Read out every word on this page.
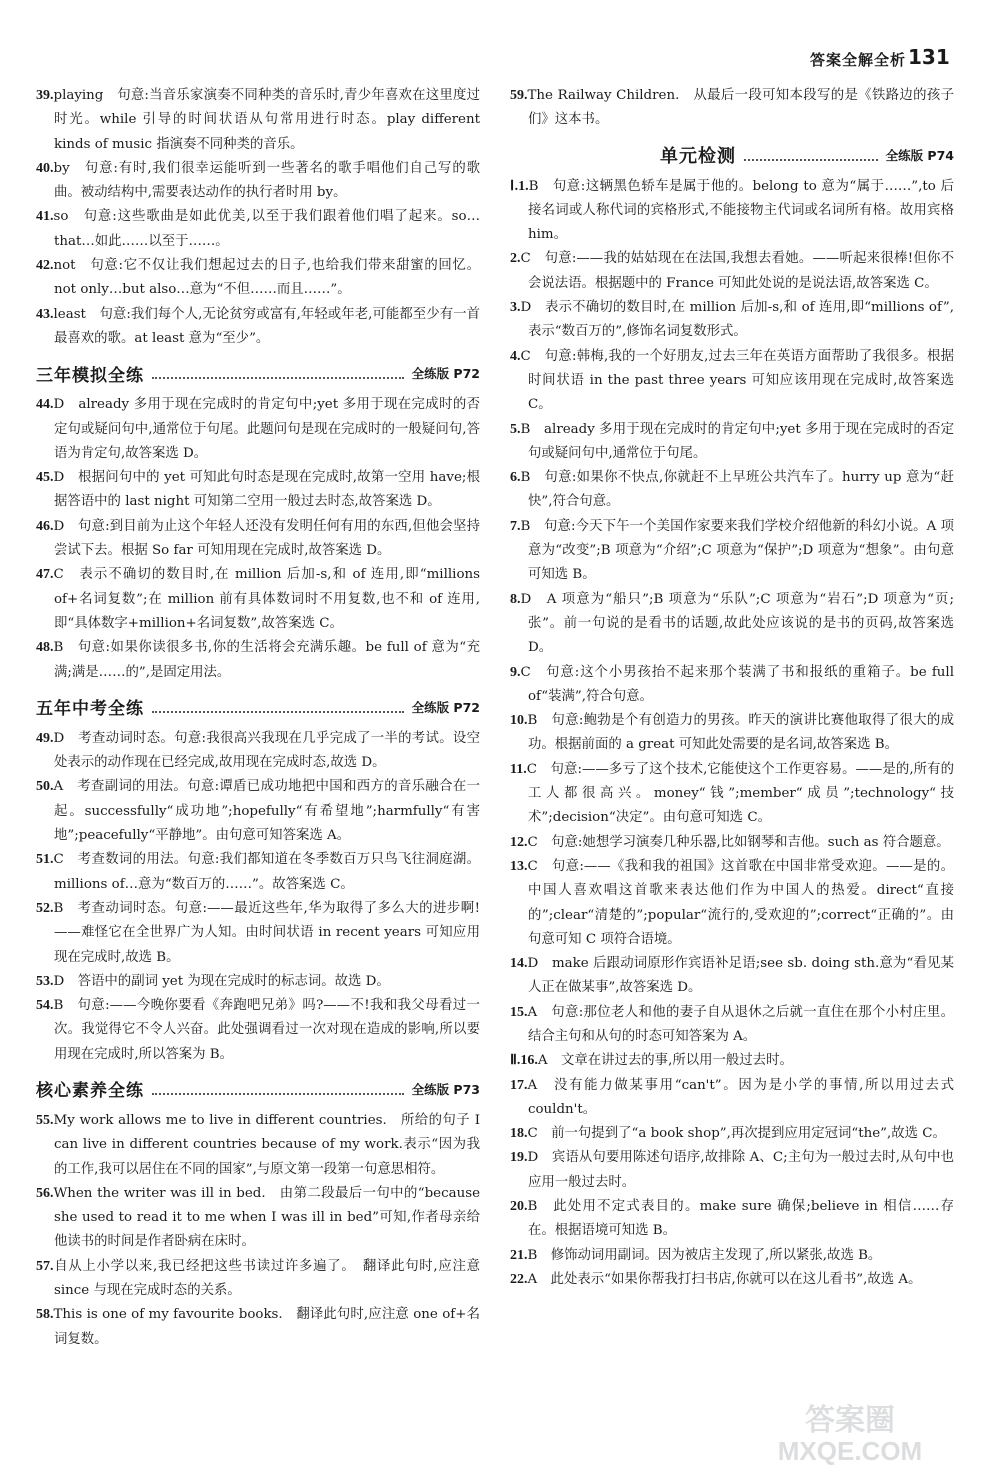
答案全解全析 131
39.playing　句意:当音乐家演奏不同种类的音乐时,青少年喜欢在这里度过时光。while 引导的时间状语从句常用进行时态。play different kinds of music 指演奏不同种类的音乐。
40.by　句意:有时,我们很幸运能听到一些著名的歌手唱他们自己写的歌曲。被动结构中,需要表达动作的执行者时用 by。
41.so　句意:这些歌曲是如此优美,以至于我们跟着他们唱了起来。so…that…如此……以至于……。
42.not　句意:它不仅让我们想起过去的日子,也给我们带来甜蜜的回忆。not only…but also…意为“不但……而且……”。
43.least　句意:我们每个人,无论贫穷或富有,年轻或年老,可能都至少有一首最喜欢的歌。at least 意为“至少”。
三年模拟全练	全练版 P72
44.D　already 多用于现在完成时的肯定句中;yet 多用于现在完成时的否定句或疑问句中,通常位于句尾。此题问句是现在完成时的一般疑问句,答语为肯定句,故答案选 D。
45.D　根据问句中的 yet 可知此句时态是现在完成时,故第一空用 have;根据答语中的 last night 可知第二空用一般过去时态,故答案选 D。
46.D　句意:到目前为止这个年轻人还没有发明任何有用的东西,但他会坚持尝试下去。根据 So far 可知用现在完成时,故答案选 D。
47.C　表示不确切的数目时,在 million 后加-s,和 of 连用,即“millions of+名词复数”;在 million 前有具体数词时不用复数,也不和 of 连用,即“具体数字+million+名词复数”,故答案选 C。
48.B　句意:如果你读很多书,你的生活将会充满乐趣。be full of 意为“充满;满是……的”,是固定用法。
五年中考全练	全练版 P72
49.D　考查动词时态。句意:我很高兴我现在几乎完成了一半的考试。设空处表示的动作现在已经完成,故用现在完成时态,故选 D。
50.A　考查副词的用法。句意:谭盾已成功地把中国和西方的音乐融合在一起。successfully“成功地”;hopefully“有希望地”;harmfully“有害地”;peacefully“平静地”。由句意可知答案选 A。
51.C　考查数词的用法。句意:我们都知道在冬季数百万只鸟飞往洞庭湖。millions of…意为“数百万的……”。故答案选 C。
52.B　考查动词时态。句意:——最近这些年,华为取得了多么大的进步啊!——难怪它在全世界广为人知。由时间状语 in recent years 可知应用现在完成时,故选 B。
53.D　答语中的副词 yet 为现在完成时的标志词。故选 D。
54.B　句意:——今晚你要看《奔跑吧兄弟》吗?——不!我和我父母看过一次。我觉得它不令人兴奋。此处强调看过一次对现在造成的影响,所以要用现在完成时,所以答案为 B。
核心素养全练	全练版 P73
55.My work allows me to live in different countries.　所给的句子 I can live in different countries because of my work.表示“因为我的工作,我可以居住在不同的国家”,与原文第一段第一句意思相符。
56.When the writer was ill in bed.　由第二段最后一句中的“because she used to read it to me when I was ill in bed”可知,作者母亲给他读书的时间是作者卧病在床时。
57.自从上小学以来,我已经把这些书读过许多遍了。　翻译此句时,应注意 since 与现在完成时态的关系。
58.This is one of my favourite books.　翻译此句时,应注意 one of+名词复数。
59.The Railway Children.　从最后一段可知本段写的是《铁路边的孩子们》这本书。
单元检测	全练版 P74
Ⅰ.1.B　句意:这辆黑色轿车是属于他的。belong to 意为“属于……”,to 后接名词或人称代词的宾格形式,不能接物主代词或名词所有格。故用宾格 him。
2.C　句意:——我的姑姑现在在法国,我想去看她。——听起来很棒!但你不会说法语。根据题中的 France 可知此处说的是说法语,故答案选 C。
3.D　表示不确切的数目时,在 million 后加-s,和 of 连用,即“millions of”,表示“数百万的”,修饰名词复数形式。
4.C　句意:韩梅,我的一个好朋友,过去三年在英语方面帮助了我很多。根据时间状语 in the past three years 可知应该用现在完成时,故答案选 C。
5.B　already 多用于现在完成时的肯定句中;yet 多用于现在完成时的否定句或疑问句中,通常位于句尾。
6.B　句意:如果你不快点,你就赶不上早班公共汽车了。hurry up 意为“赶快”,符合句意。
7.B　句意:今天下午一个美国作家要来我们学校介绍他新的科幻小说。A 项意为“改变”;B 项意为“介绍”;C 项意为“保护”;D 项意为“想象”。由句意可知选 B。
8.D　A 项意为“船只”;B 项意为“乐队”;C 项意为“岩石”;D 项意为“页;张”。前一句说的是看书的话题,故此处应该说的是书的页码,故答案选 D。
9.C　句意:这个小男孩抬不起来那个装满了书和报纸的重箱子。be full of“装满”,符合句意。
10.B　句意:鲍勃是个有创造力的男孩。昨天的演讲比赛他取得了很大的成功。根据前面的 a great 可知此处需要的是名词,故答案选 B。
11.C　句意:——多亏了这个技术,它能使这个工作更容易。——是的,所有的工人都很高兴。money“钱”;member“成员”;technology“技术”;decision“决定”。由句意可知选 C。
12.C　句意:她想学习演奏几种乐器,比如钢琴和吉他。such as 符合题意。
13.C　句意:——《我和我的祖国》这首歌在中国非常受欢迎。——是的。中国人喜欢唱这首歌来表达他们作为中国人的热爱。direct“直接的”;clear“清楚的”;popular“流行的,受欢迎的”;correct“正确的”。由句意可知 C 项符合语境。
14.D　make 后跟动词原形作宾语补足语;see sb. doing sth.意为“看见某人正在做某事”,故答案选 D。
15.A　句意:那位老人和他的妻子自从退休之后就一直住在那个小村庄里。结合主句和从句的时态可知答案为 A。
Ⅱ.16.A　文章在讲过去的事,所以用一般过去时。
17.A　没有能力做某事用“can't”。因为是小学的事情,所以用过去式 couldn't。
18.C　前一句提到了“a book shop”,再次提到应用定冠词“the”,故选 C。
19.D　宾语从句要用陈述句语序,故排除 A、C;主句为一般过去时,从句中也应用一般过去时。
20.B　此处用不定式表目的。make sure 确保;believe in 相信……存在。根据语境可知选 B。
21.B　修饰动词用副词。因为被店主发现了,所以紧张,故选 B。
22.A　此处表示“如果你帮我打扫书店,你就可以在这儿看书”,故选 A。
答案圈
MXQE.COM
